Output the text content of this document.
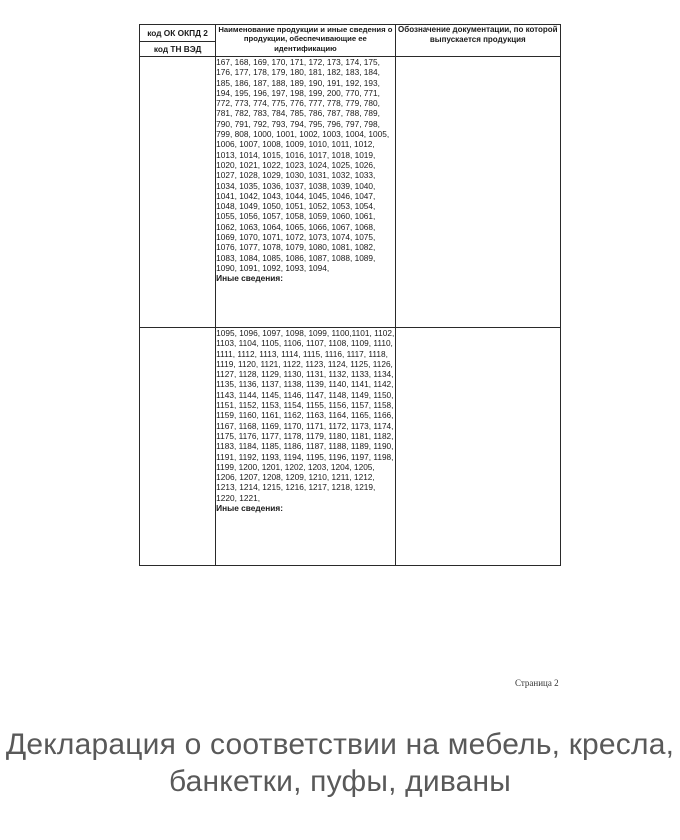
код ОК ОКПД 2	Наименование продукции и иные сведения о продукции, обеспечивающие ее идентификацию	Обозначение документации, по которой выпускается продукция
код ТН ВЭД		

	167, 168, 169, 170, 171, 172, 173, 174, 175, 176, 177, 178, 179, 180, 181, 182, 183, 184, 185, 186, 187, 188, 189, 190, 191, 192, 193, 194, 195, 196, 197, 198, 199, 200, 770, 771, 772, 773, 774, 775, 776, 777, 778, 779, 780, 781, 782, 783, 784, 785, 786, 787, 788, 789, 790, 791, 792, 793, 794, 795, 796, 797, 798, 799, 808, 1000, 1001, 1002, 1003, 1004, 1005, 1006, 1007, 1008, 1009, 1010, 1011, 1012, 1013, 1014, 1015, 1016, 1017, 1018, 1019, 1020, 1021, 1022, 1023, 1024, 1025, 1026, 1027, 1028, 1029, 1030, 1031, 1032, 1033, 1034, 1035, 1036, 1037, 1038, 1039, 1040, 1041, 1042, 1043, 1044, 1045, 1046, 1047, 1048, 1049, 1050, 1051, 1052, 1053, 1054, 1055, 1056, 1057, 1058, 1059, 1060, 1061, 1062, 1063, 1064, 1065, 1066, 1067, 1068, 1069, 1070, 1071, 1072, 1073, 1074, 1075, 1076, 1077, 1078, 1079, 1080, 1081, 1082, 1083, 1084, 1085, 1086, 1087, 1088, 1089, 1090, 1091, 1092, 1093, 1094,
Иные сведения:	

	1095, 1096, 1097, 1098, 1099, 1100,1101, 1102, 1103, 1104, 1105, 1106, 1107, 1108, 1109, 1110, 1111, 1112, 1113, 1114, 1115, 1116, 1117, 1118, 1119, 1120, 1121, 1122, 1123, 1124, 1125, 1126, 1127, 1128, 1129, 1130, 1131, 1132, 1133, 1134, 1135, 1136, 1137, 1138, 1139, 1140, 1141, 1142, 1143, 1144, 1145, 1146, 1147, 1148, 1149, 1150, 1151, 1152, 1153, 1154, 1155, 1156, 1157, 1158, 1159, 1160, 1161, 1162, 1163, 1164, 1165, 1166, 1167, 1168, 1169, 1170, 1171, 1172, 1173, 1174, 1175, 1176, 1177, 1178, 1179, 1180, 1181, 1182, 1183, 1184, 1185, 1186, 1187, 1188, 1189, 1190, 1191, 1192, 1193, 1194, 1195, 1196, 1197, 1198, 1199, 1200, 1201, 1202, 1203, 1204, 1205, 1206, 1207, 1208, 1209, 1210, 1211, 1212, 1213, 1214, 1215, 1216, 1217, 1218, 1219, 1220, 1221,
Иные сведения:	

Страница 2
Декларация о соответствии на мебель, кресла, банкетки, пуфы, диваны
